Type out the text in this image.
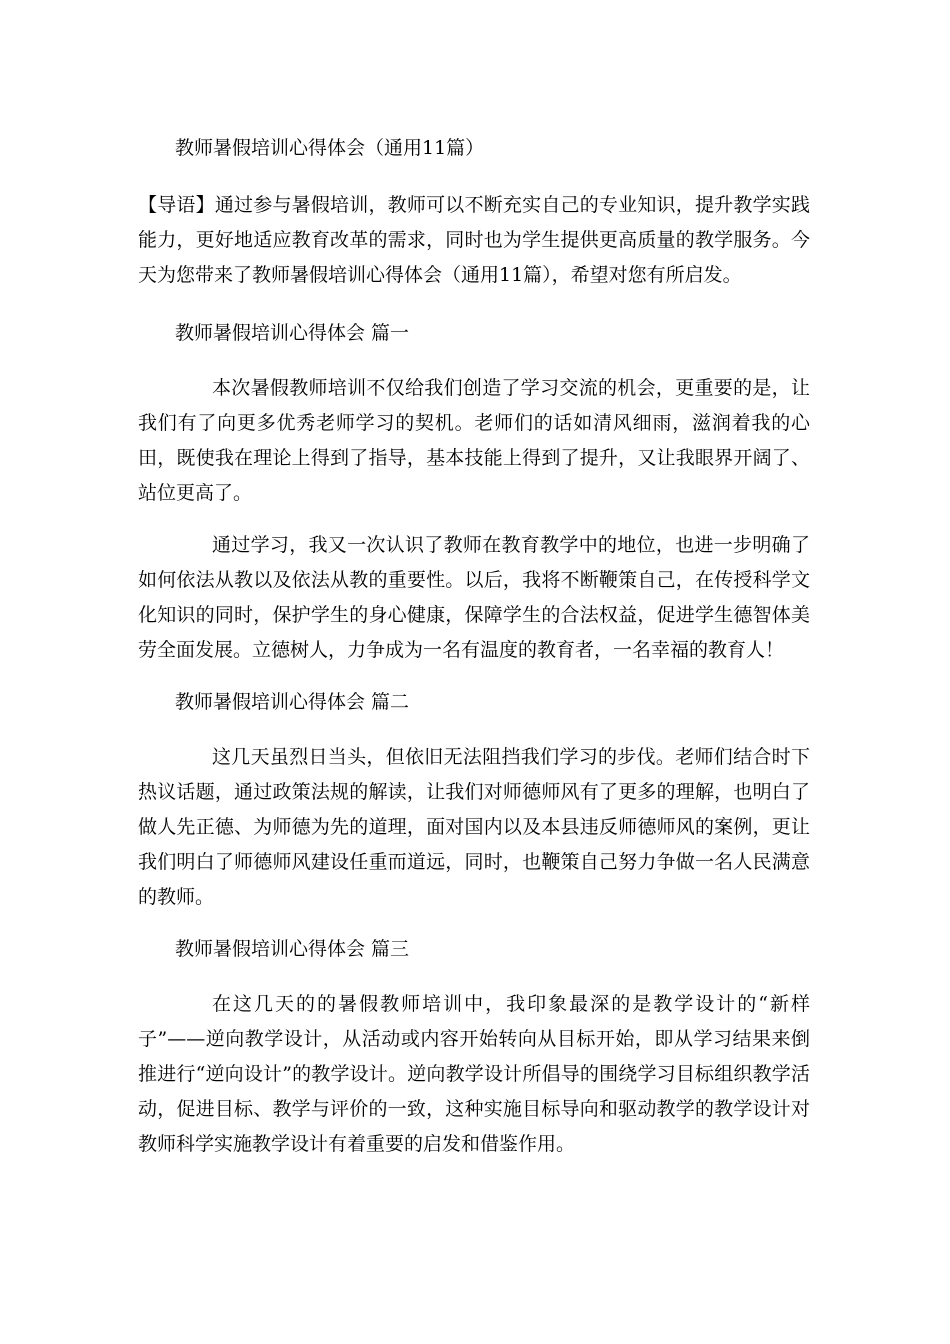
教师暑假培训心得体会（通用11篇）

【导语】通过参与暑假培训，教师可以不断充实自己的专业知识，提升教学实践能力，更好地适应教育改革的需求，同时也为学生提供更高质量的教学服务。今天为您带来了教师暑假培训心得体会（通用11篇），希望对您有所启发。

教师暑假培训心得体会 篇一

本次暑假教师培训不仅给我们创造了学习交流的机会，更重要的是，让我们有了向更多优秀老师学习的契机。老师们的话如清风细雨，滋润着我的心田，既使我在理论上得到了指导，基本技能上得到了提升，又让我眼界开阔了、站位更高了。

通过学习，我又一次认识了教师在教育教学中的地位，也进一步明确了如何依法从教以及依法从教的重要性。以后，我将不断鞭策自己，在传授科学文化知识的同时，保护学生的身心健康，保障学生的合法权益，促进学生德智体美劳全面发展。立德树人，力争成为一名有温度的教育者，一名幸福的教育人！

教师暑假培训心得体会 篇二

这几天虽烈日当头，但依旧无法阻挡我们学习的步伐。老师们结合时下热议话题，通过政策法规的解读，让我们对师德师风有了更多的理解，也明白了做人先正德、为师德为先的道理，面对国内以及本县违反师德师风的案例，更让我们明白了师德师风建设任重而道远，同时，也鞭策自己努力争做一名人民满意的教师。

教师暑假培训心得体会 篇三

在这几天的的暑假教师培训中，我印象最深的是教学设计的“新样子”——逆向教学设计，从活动或内容开始转向从目标开始，即从学习结果来倒推进行“逆向设计”的教学设计。逆向教学设计所倡导的围绕学习目标组织教学活动，促进目标、教学与评价的一致，这种实施目标导向和驱动教学的教学设计对教师科学实施教学设计有着重要的启发和借鉴作用。
